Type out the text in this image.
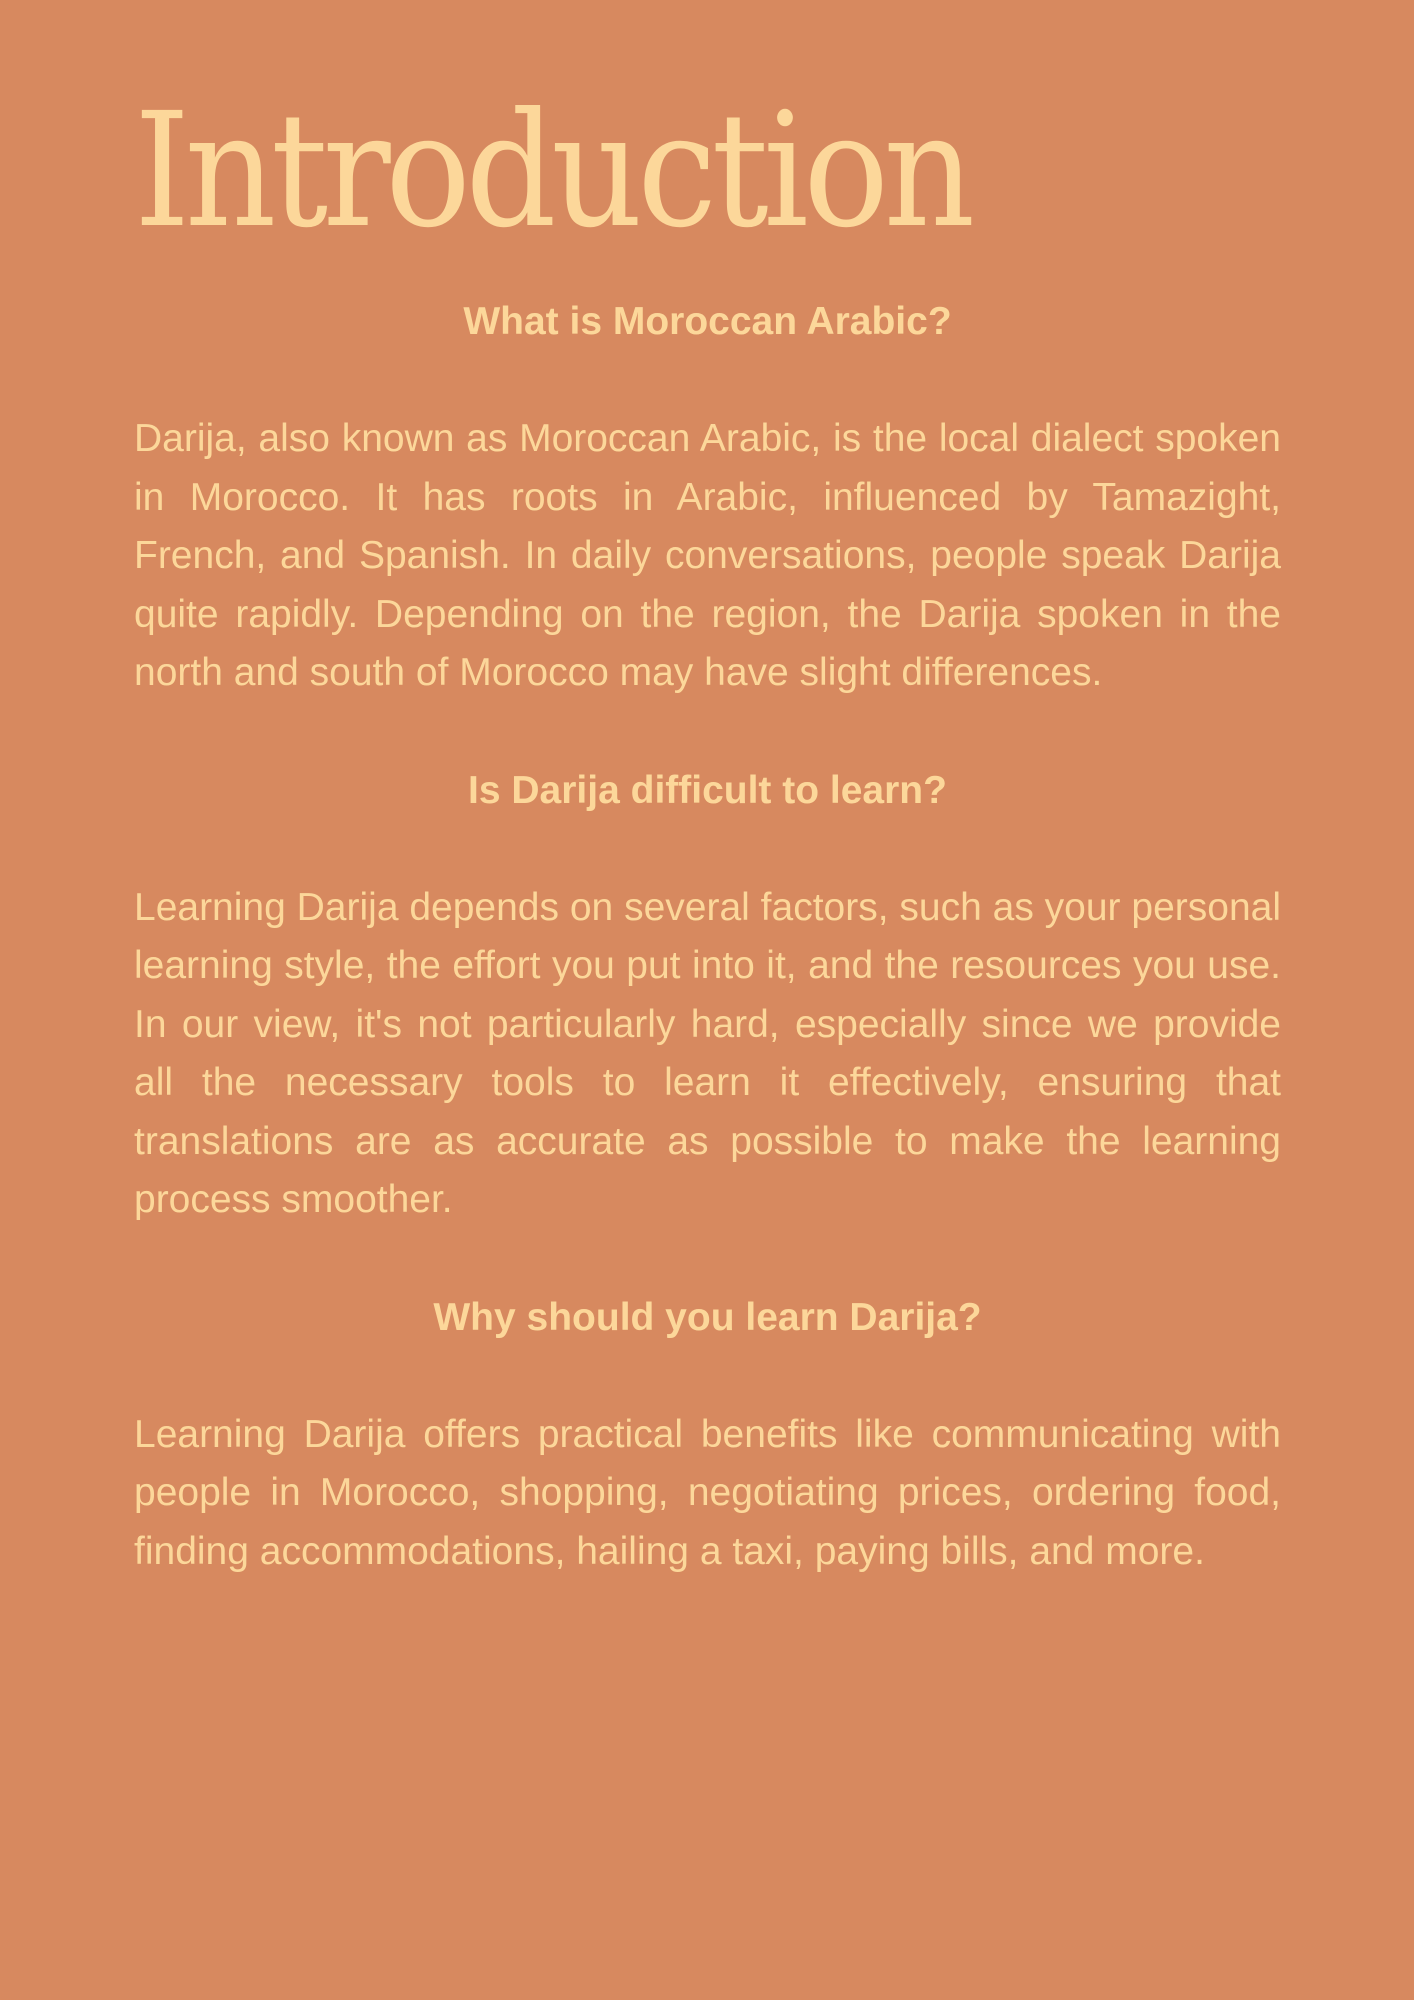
Introduction
What is Moroccan Arabic?

Darija, also known as Moroccan Arabic, is the local dialect spoken in Morocco. It has roots in Arabic, influenced by Tamazight, French, and Spanish. In daily conversations, people speak Darija quite rapidly. Depending on the region, the Darija spoken in the north and south of Morocco may have slight differences.

Is Darija difficult to learn?

Learning Darija depends on several factors, such as your personal learning style, the effort you put into it, and the resources you use. In our view, it's not particularly hard, especially since we provide all the necessary tools to learn it effectively, ensuring that translations are as accurate as possible to make the learning process smoother.

Why should you learn Darija?

Learning Darija offers practical benefits like communicating with people in Morocco, shopping, negotiating prices, ordering food, finding accommodations, hailing a taxi, paying bills, and more.
